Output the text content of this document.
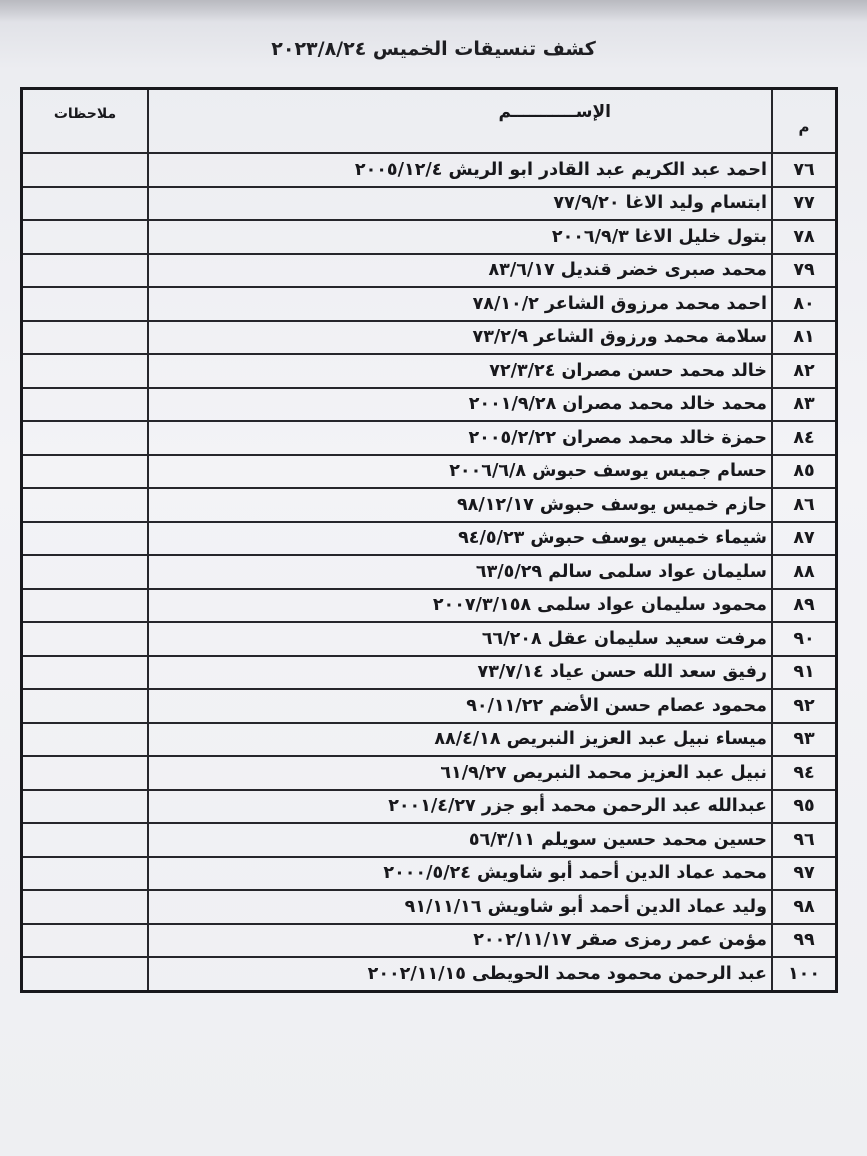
كشف تنسيقات الخميس ٢٠٢٣/٨/٢٤
م	الإســـــــــــم	ملاحظات

٧٦	احمد عبد الكريم عبد القادر ابو الريش ٢٠٠٥/١٢/٤	
٧٧	ابتسام وليد الاغا ٧٧/٩/٢٠	
٧٨	بتول خليل الاغا ٢٠٠٦/٩/٣	
٧٩	محمد صبرى خضر قنديل ٨٣/٦/١٧	
٨٠	احمد محمد مرزوق الشاعر ٧٨/١٠/٢	
٨١	سلامة محمد ورزوق الشاعر ٧٣/٢/٩	
٨٢	خالد محمد حسن مصران ٧٢/٣/٢٤	
٨٣	محمد خالد محمد مصران ٢٠٠١/٩/٢٨	
٨٤	حمزة خالد محمد مصران ٢٠٠٥/٢/٢٢	
٨٥	حسام جميس يوسف حبوش ٢٠٠٦/٦/٨	
٨٦	حازم خميس يوسف حبوش ٩٨/١٢/١٧	
٨٧	شيماء خميس يوسف حبوش ٩٤/٥/٢٣	
٨٨	سليمان عواد سلمى سالم ٦٣/٥/٢٩	
٨٩	محمود سليمان عواد سلمى ٢٠٠٧/٣/١٥٨	
٩٠	مرفت سعيد سليمان عقل ٦٦/٢٠٨	
٩١	رفيق سعد الله حسن عياد ٧٣/٧/١٤	
٩٢	محمود عصام حسن الأضم ٩٠/١١/٢٢	
٩٣	ميساء نبيل عبد العزيز النبريص ٨٨/٤/١٨	
٩٤	نبيل عبد العزيز محمد النبريص ٦١/٩/٢٧	
٩٥	عبدالله عبد الرحمن محمد أبو جزر ٢٠٠١/٤/٢٧	
٩٦	حسين محمد حسين سويلم ٥٦/٣/١١	
٩٧	محمد عماد الدين أحمد أبو شاويش ٢٠٠٠/٥/٢٤	
٩٨	وليد عماد الدين أحمد أبو شاويش ٩١/١١/١٦	
٩٩	مؤمن عمر رمزى صقر ٢٠٠٢/١١/١٧	
١٠٠	عبد الرحمن محمود محمد الحويطى ٢٠٠٢/١١/١٥	
